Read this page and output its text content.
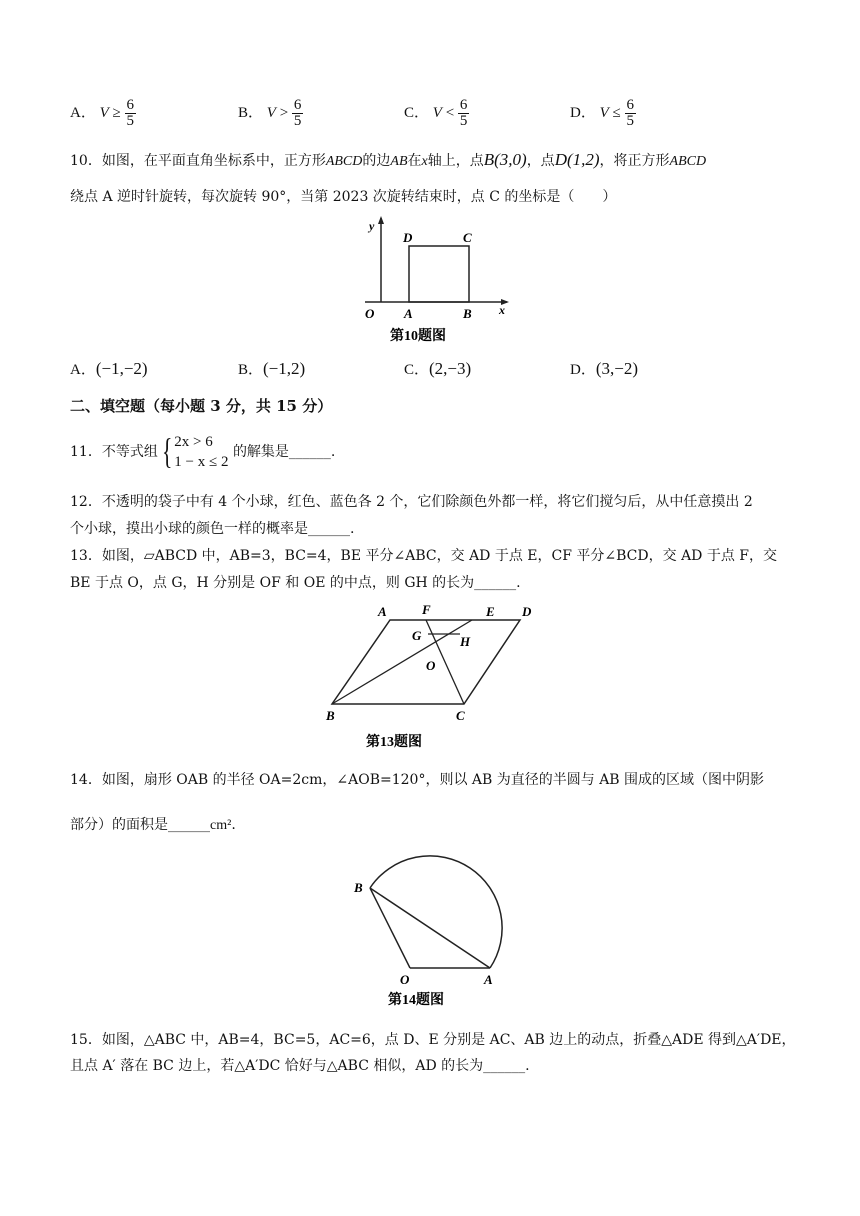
A． $V \ge \frac{6}{5}$	B． $V > \frac{6}{5}$	C． $V < \frac{6}{5}$	D． $V \le \frac{6}{5}$
10．如图，在平面直角坐标系中，正方形ABCD的边AB在x轴上，点B(3,0)，点D(1,2)，将正方形ABCD
绕点 A 逆时针旋转，每次旋转 90°，当第 2023 次旋转结束时，点 C 的坐标是（　　）
y
x
O A	B
D	C
第10题图
A．(−1,−2)	B．(−1,2)	C．(2,−3)	D．(3,−2)
二、填空题（每小题 3 分，共 15 分）
11．不等式组 { 2x > 6
1 − x ≤ 2
的解集是______.
12．不透明的袋子中有 4 个小球，红色、蓝色各 2 个，它们除颜色外都一样，将它们搅匀后，从中任意摸出 2
个小球，摸出小球的颜色一样的概率是______.
13．如图，▱ABCD 中，AB=3，BC=4，BE 平分∠ABC，交 AD 于点 E，CF 平分∠BCD，交 AD 于点 F，交
BE 于点 O，点 G，H 分别是 OF 和 OE 的中点，则 GH 的长为______.
A	F	E D
G	H
O
B	C
第13题图
14．如图，扇形 OAB 的半径 OA=2cm，∠AOB=120°，则以 AB 为直径的半圆与 AB 围成的区域（图中阴影
部分）的面积是______cm².
B
O	A
第14题图
15．如图，△ABC 中，AB=4，BC=5，AC=6，点 D、E 分别是 AC、AB 边上的动点，折叠△ADE 得到△A′DE，
且点 A′ 落在 BC 边上，若△A′DC 恰好与△ABC 相似，AD 的长为______.
